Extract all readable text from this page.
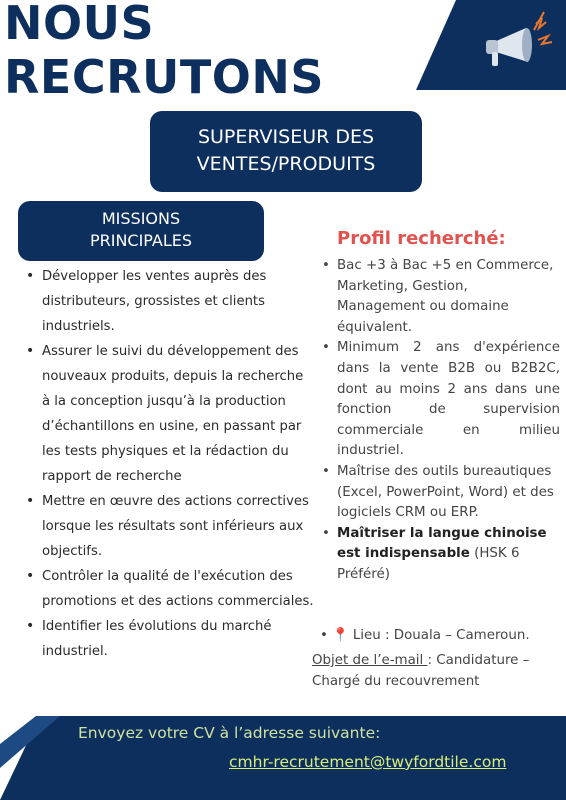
NOUS
RECRUTONS
SUPERVISEUR DES
VENTES/PRODUITS
MISSIONS
PRINCIPALES
• Développer les ventes auprès des distributeurs, grossistes et clients industriels.
• Assurer le suivi du développement des nouveaux produits, depuis la recherche à la conception jusqu’à la production d’échantillons en usine, en passant par les tests physiques et la rédaction du rapport de recherche
• Mettre en œuvre des actions correctives lorsque les résultats sont inférieurs aux objectifs.
• Contrôler la qualité de l'exécution des promotions et des actions commerciales.
• Identifier les évolutions du marché industriel.
Profil recherché:
• Bac +3 à Bac +5 en Commerce, Marketing, Gestion, Management ou domaine équivalent.
• Minimum 2 ans d'expérience dans la vente B2B ou B2B2C, dont au moins 2 ans dans une fonction de supervision commerciale en milieu industriel.
• Maîtrise des outils bureautiques (Excel, PowerPoint, Word) et des logiciels CRM ou ERP.
• Maîtriser la langue chinoise est indispensable (HSK 6 Préféré)
• 📍 Lieu : Douala – Cameroun.
Objet de l’e-mail : Candidature – Chargé du recouvrement
Envoyez votre CV à l’adresse suivante:
cmhr-recrutement@twyfordtile.com
